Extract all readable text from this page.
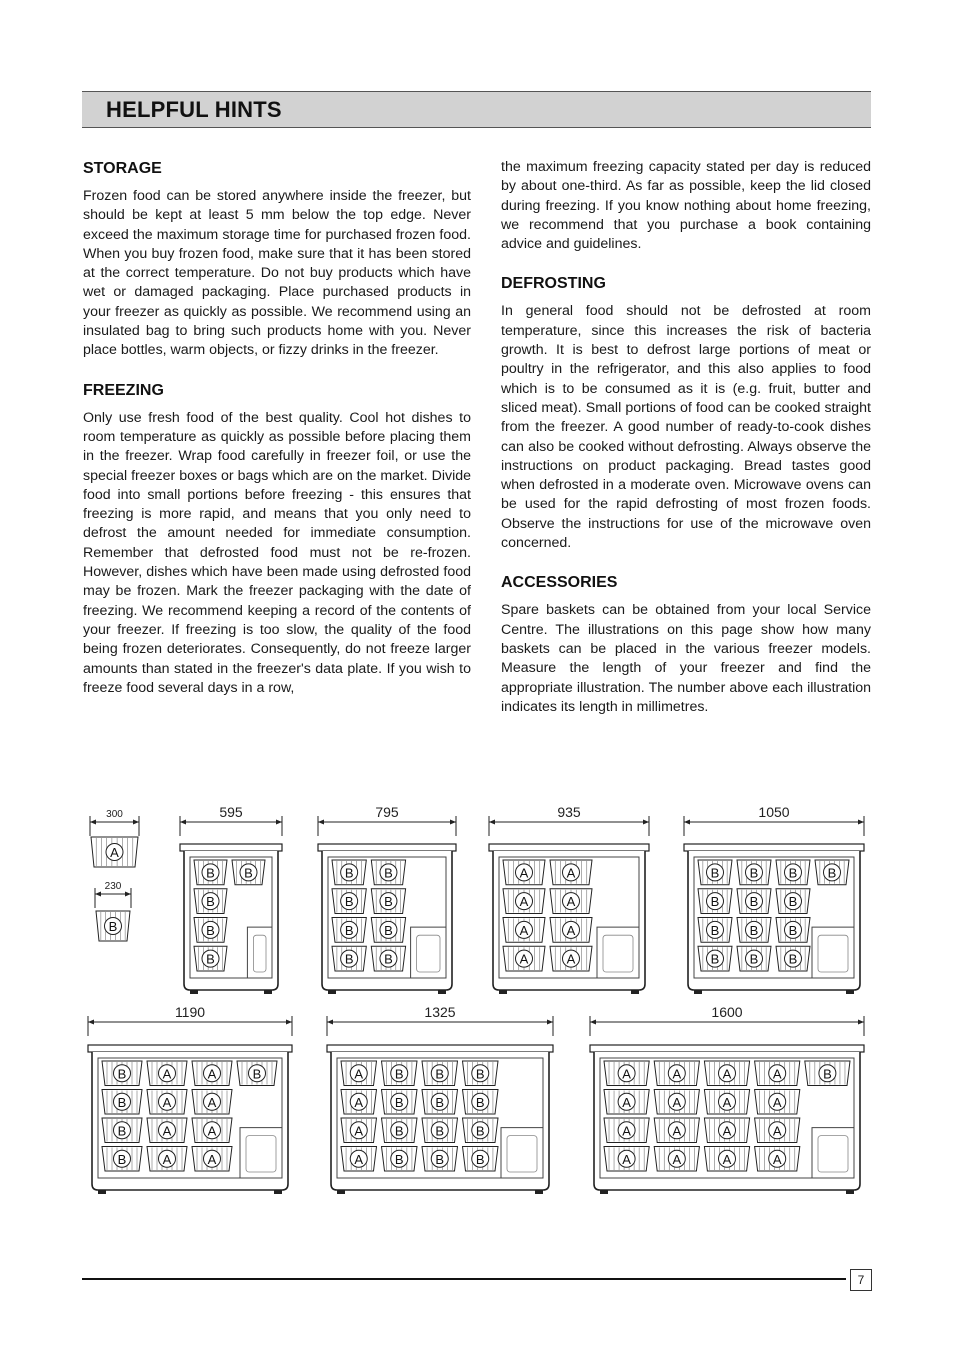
HELPFUL HINTS
STORAGE

Frozen food can be stored anywhere inside the freezer, but should be kept at least 5 mm below the top edge. Never exceed the maximum storage time for purchased frozen food. When you buy frozen food, make sure that it has been stored at the correct temperature. Do not buy products which have wet or damaged packaging. Place purchased products in your freezer as quickly as possible. We recommend using an insulated bag to bring such products home with you. Never place bottles, warm objects, or fizzy drinks in the freezer.

FREEZING

Only use fresh food of the best quality. Cool hot dishes to room temperature as quickly as possible before placing them in the freezer. Wrap food carefully in freezer foil, or use the special freezer boxes or bags which are on the market. Divide food into small portions before freezing - this ensures that freezing is more rapid, and means that you only need to defrost the amount needed for immediate consumption. Remember that defrosted food must not be re-frozen. However, dishes which have been made using defrosted food may be frozen. Mark the freezer packaging with the date of freezing. We recommend keeping a record of the contents of your freezer. If freezing is too slow, the quality of the food being frozen deteriorates. Consequently, do not freeze larger amounts than stated in the freezer's data plate. If you wish to freeze food several days in a row,

the maximum freezing capacity stated per day is reduced by about one-third. As far as possible, keep the lid closed during freezing. If you know nothing about home freezing, we recommend that you purchase a book containing advice and guidelines.

DEFROSTING

In general food should not be defrosted at room temperature, since this increases the risk of bacteria growth. It is best to defrost large portions of meat or poultry in the refrigerator, and this also applies to food which is to be consumed as it is (e.g. fruit, butter and sliced meat). Small portions of food can be cooked straight from the freezer. A good number of ready-to-cook dishes can also be cooked without defrosting. Always observe the instructions on product packaging. Bread tastes good when defrosted in a moderate oven. Microwave ovens can be used for the rapid defrosting of most frozen foods. Observe the instructions for use of the microwave oven concerned.

ACCESSORIES

Spare baskets can be obtained from your local Service Centre. The illustrations on this page show how many baskets can be placed in the various freezer models. Measure the length of your freezer and find the appropriate illustration. The number above each illustration indicates its length in millimetres.

300
A
230
B
595
B
B
B
B
B
795
B
B
B
B
B
B
B
B
935
A
A
A
A
A
A
A
A
1050
B
B
B
B
B
B
B
B
B
B
B
B
B
1190
B
B
B
B
A
A
A
A
A
A
A
A
B
1325
A
A
A
A
B
B
B
B
B
B
B
B
B
B
B
B
1600
A
A
A
A
A
A
A
A
A
A
A
A
A
A
A
A
B
7
